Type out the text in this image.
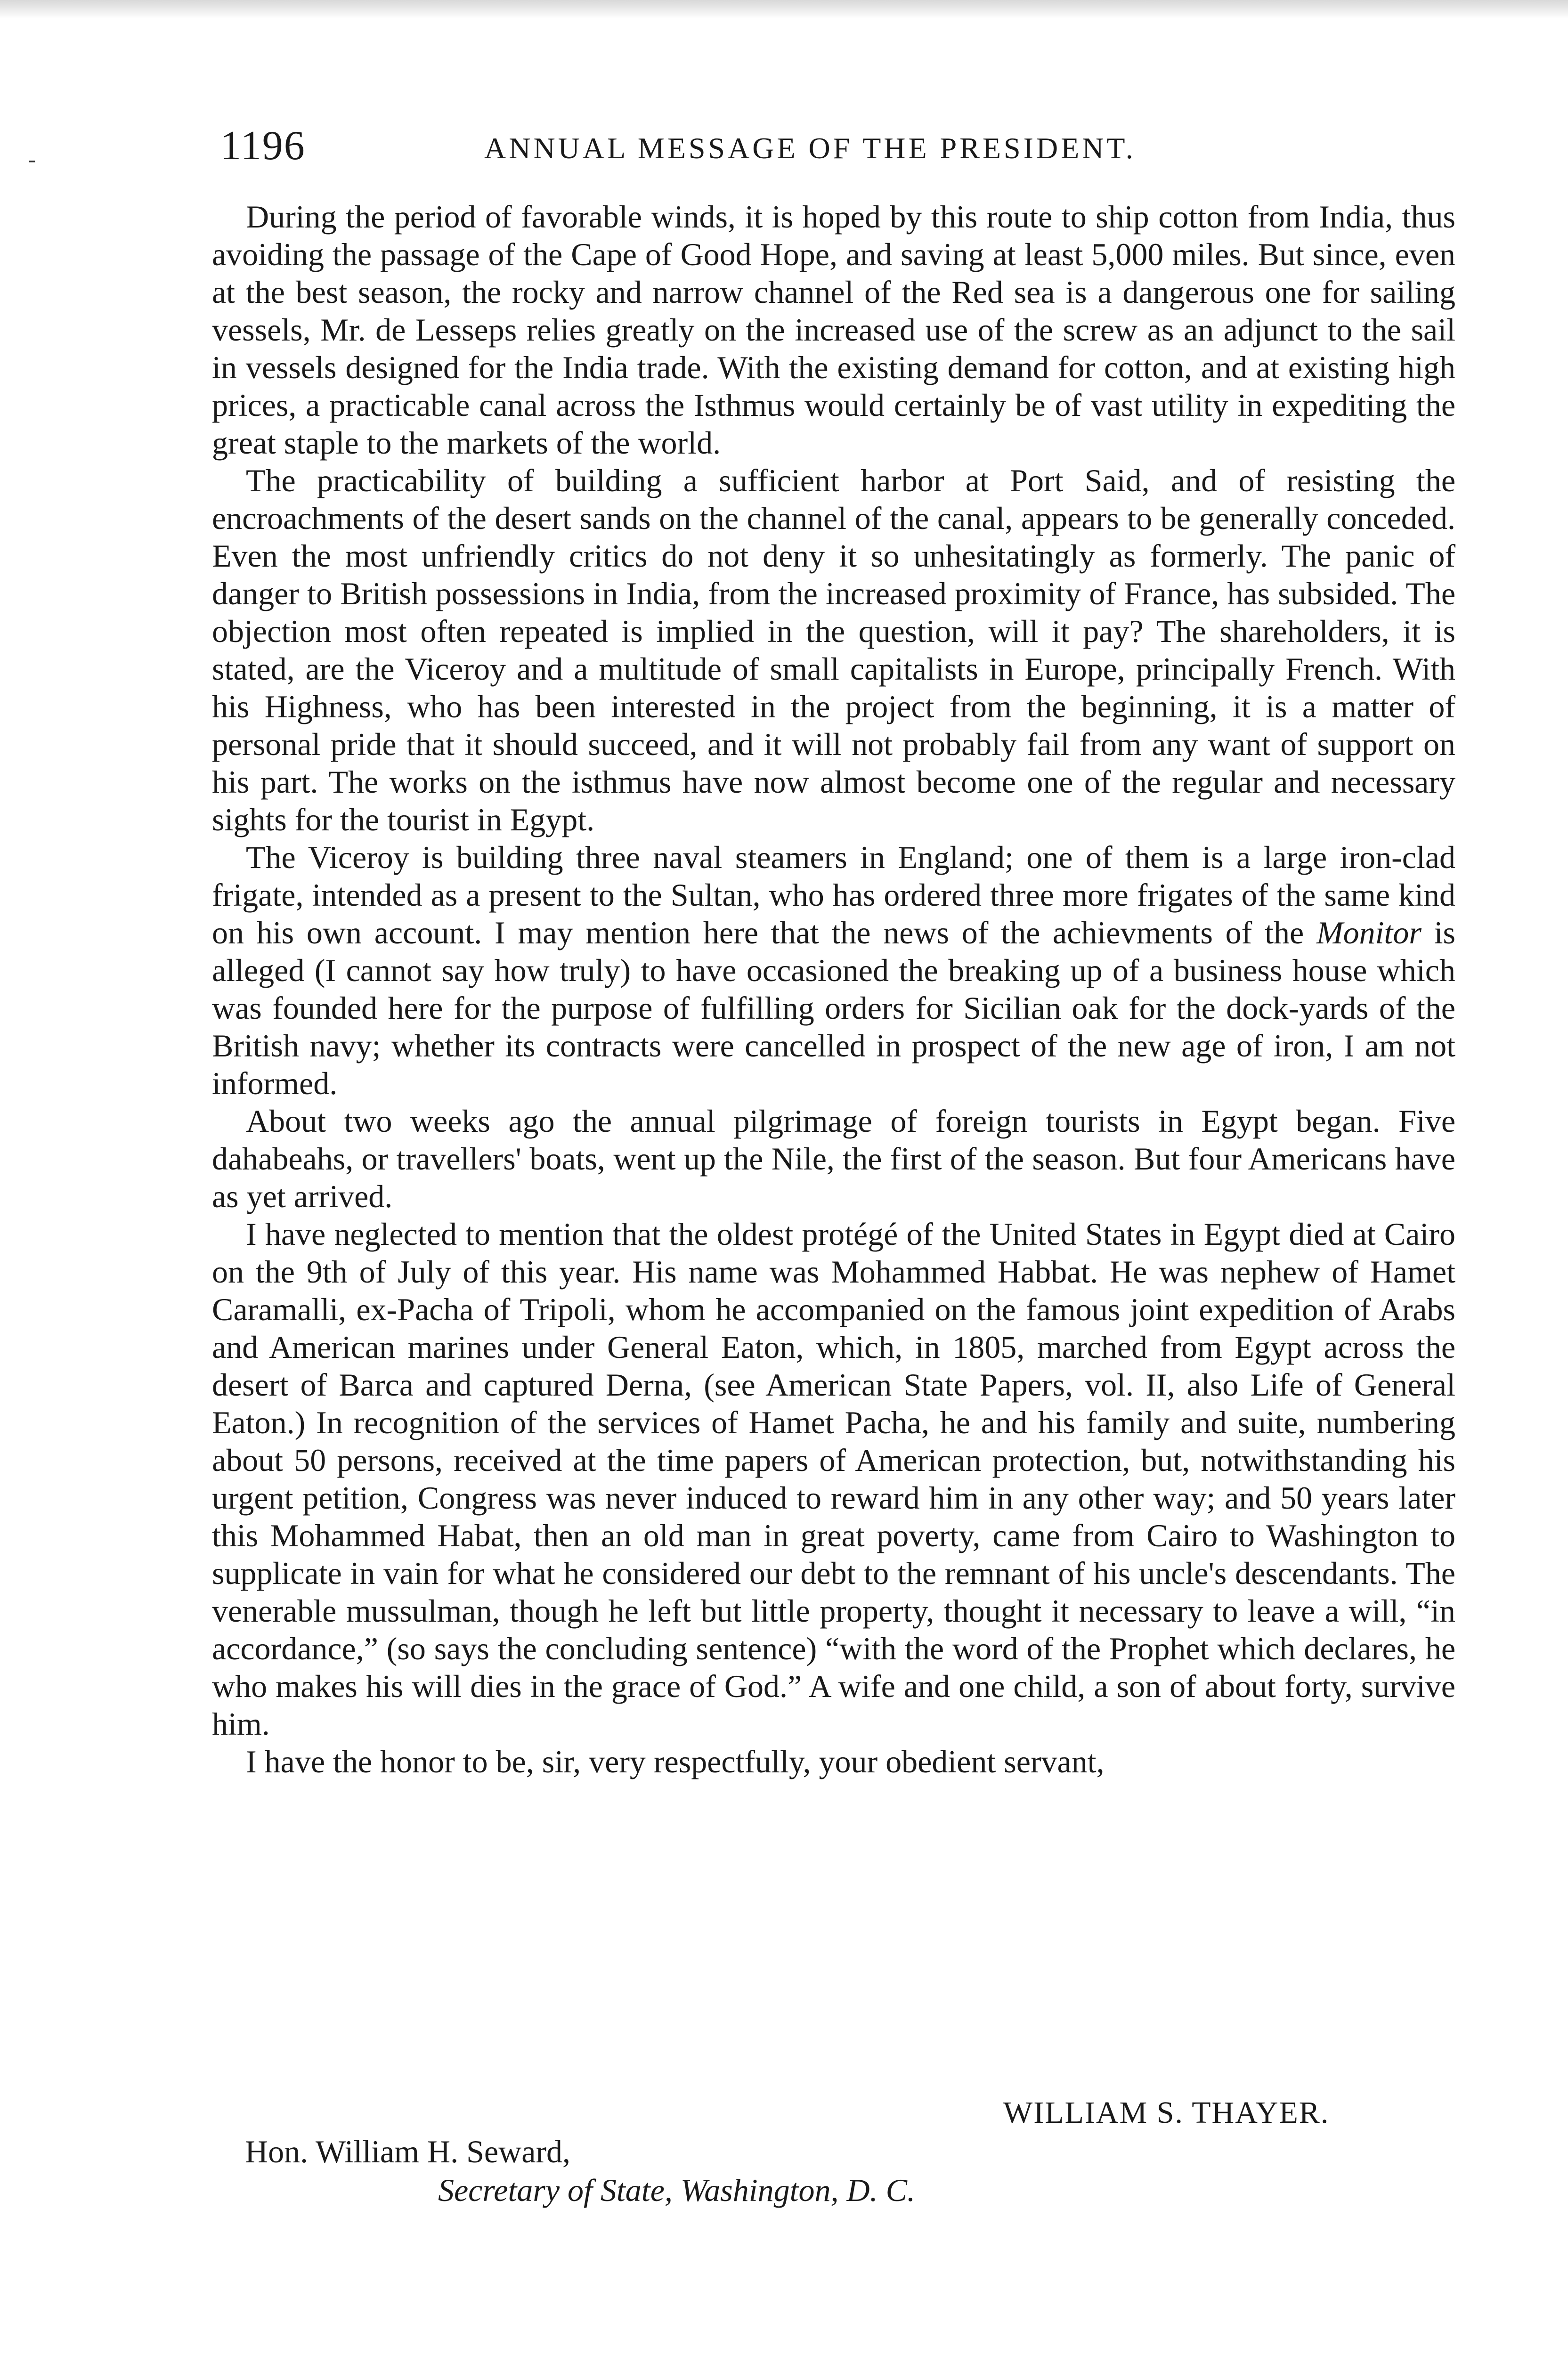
-	1196	ANNUAL MESSAGE OF THE PRESIDENT.

During the period of favorable winds, it is hoped by this route to ship cotton from India, thus avoiding the passage of the Cape of Good Hope, and saving at least 5,000 miles. But since, even at the best season, the rocky and narrow channel of the Red sea is a dangerous one for sailing vessels, Mr. de Lesseps relies greatly on the increased use of the screw as an adjunct to the sail in vessels designed for the India trade. With the existing demand for cotton, and at existing high prices, a practicable canal across the Isthmus would certainly be of vast utility in expediting the great staple to the markets of the world.

The practicability of building a sufficient harbor at Port Said, and of resisting the encroachments of the desert sands on the channel of the canal, appears to be generally conceded. Even the most unfriendly critics do not deny it so unhesitatingly as formerly. The panic of danger to British possessions in India, from the increased proximity of France, has subsided. The objection most often repeated is implied in the question, will it pay? The shareholders, it is stated, are the Viceroy and a multitude of small capitalists in Europe, principally French. With his Highness, who has been interested in the project from the beginning, it is a matter of personal pride that it should succeed, and it will not probably fail from any want of support on his part. The works on the isthmus have now almost become one of the regular and necessary sights for the tourist in Egypt.

The Viceroy is building three naval steamers in England; one of them is a large iron-clad frigate, intended as a present to the Sultan, who has ordered three more frigates of the same kind on his own account. I may mention here that the news of the achievments of the Monitor is alleged (I cannot say how truly) to have occasioned the breaking up of a business house which was founded here for the purpose of fulfilling orders for Sicilian oak for the dock-yards of the British navy; whether its contracts were cancelled in prospect of the new age of iron, I am not informed.

About two weeks ago the annual pilgrimage of foreign tourists in Egypt began. Five dahabeahs, or travellers' boats, went up the Nile, the first of the season. But four Americans have as yet arrived.

I have neglected to mention that the oldest protégé of the United States in Egypt died at Cairo on the 9th of July of this year. His name was Mohammed Habbat. He was nephew of Hamet Caramalli, ex-Pacha of Tripoli, whom he accompanied on the famous joint expedition of Arabs and American marines under General Eaton, which, in 1805, marched from Egypt across the desert of Barca and captured Derna, (see American State Papers, vol. II, also Life of General Eaton.) In recognition of the services of Hamet Pacha, he and his family and suite, numbering about 50 persons, received at the time papers of American protection, but, notwithstanding his urgent petition, Congress was never induced to reward him in any other way; and 50 years later this Mohammed Habat, then an old man in great poverty, came from Cairo to Washington to supplicate in vain for what he considered our debt to the remnant of his uncle's descendants. The venerable mussulman, though he left but little property, thought it necessary to leave a will, “in accordance,” (so says the concluding sentence) “with the word of the Prophet which declares, he who makes his will dies in the grace of God.” A wife and one child, a son of about forty, survive him.

I have the honor to be, sir, very respectfully, your obedient servant,

WILLIAM S. THAYER.
Hon. William H. Seward,
Secretary of State, Washington, D. C.
